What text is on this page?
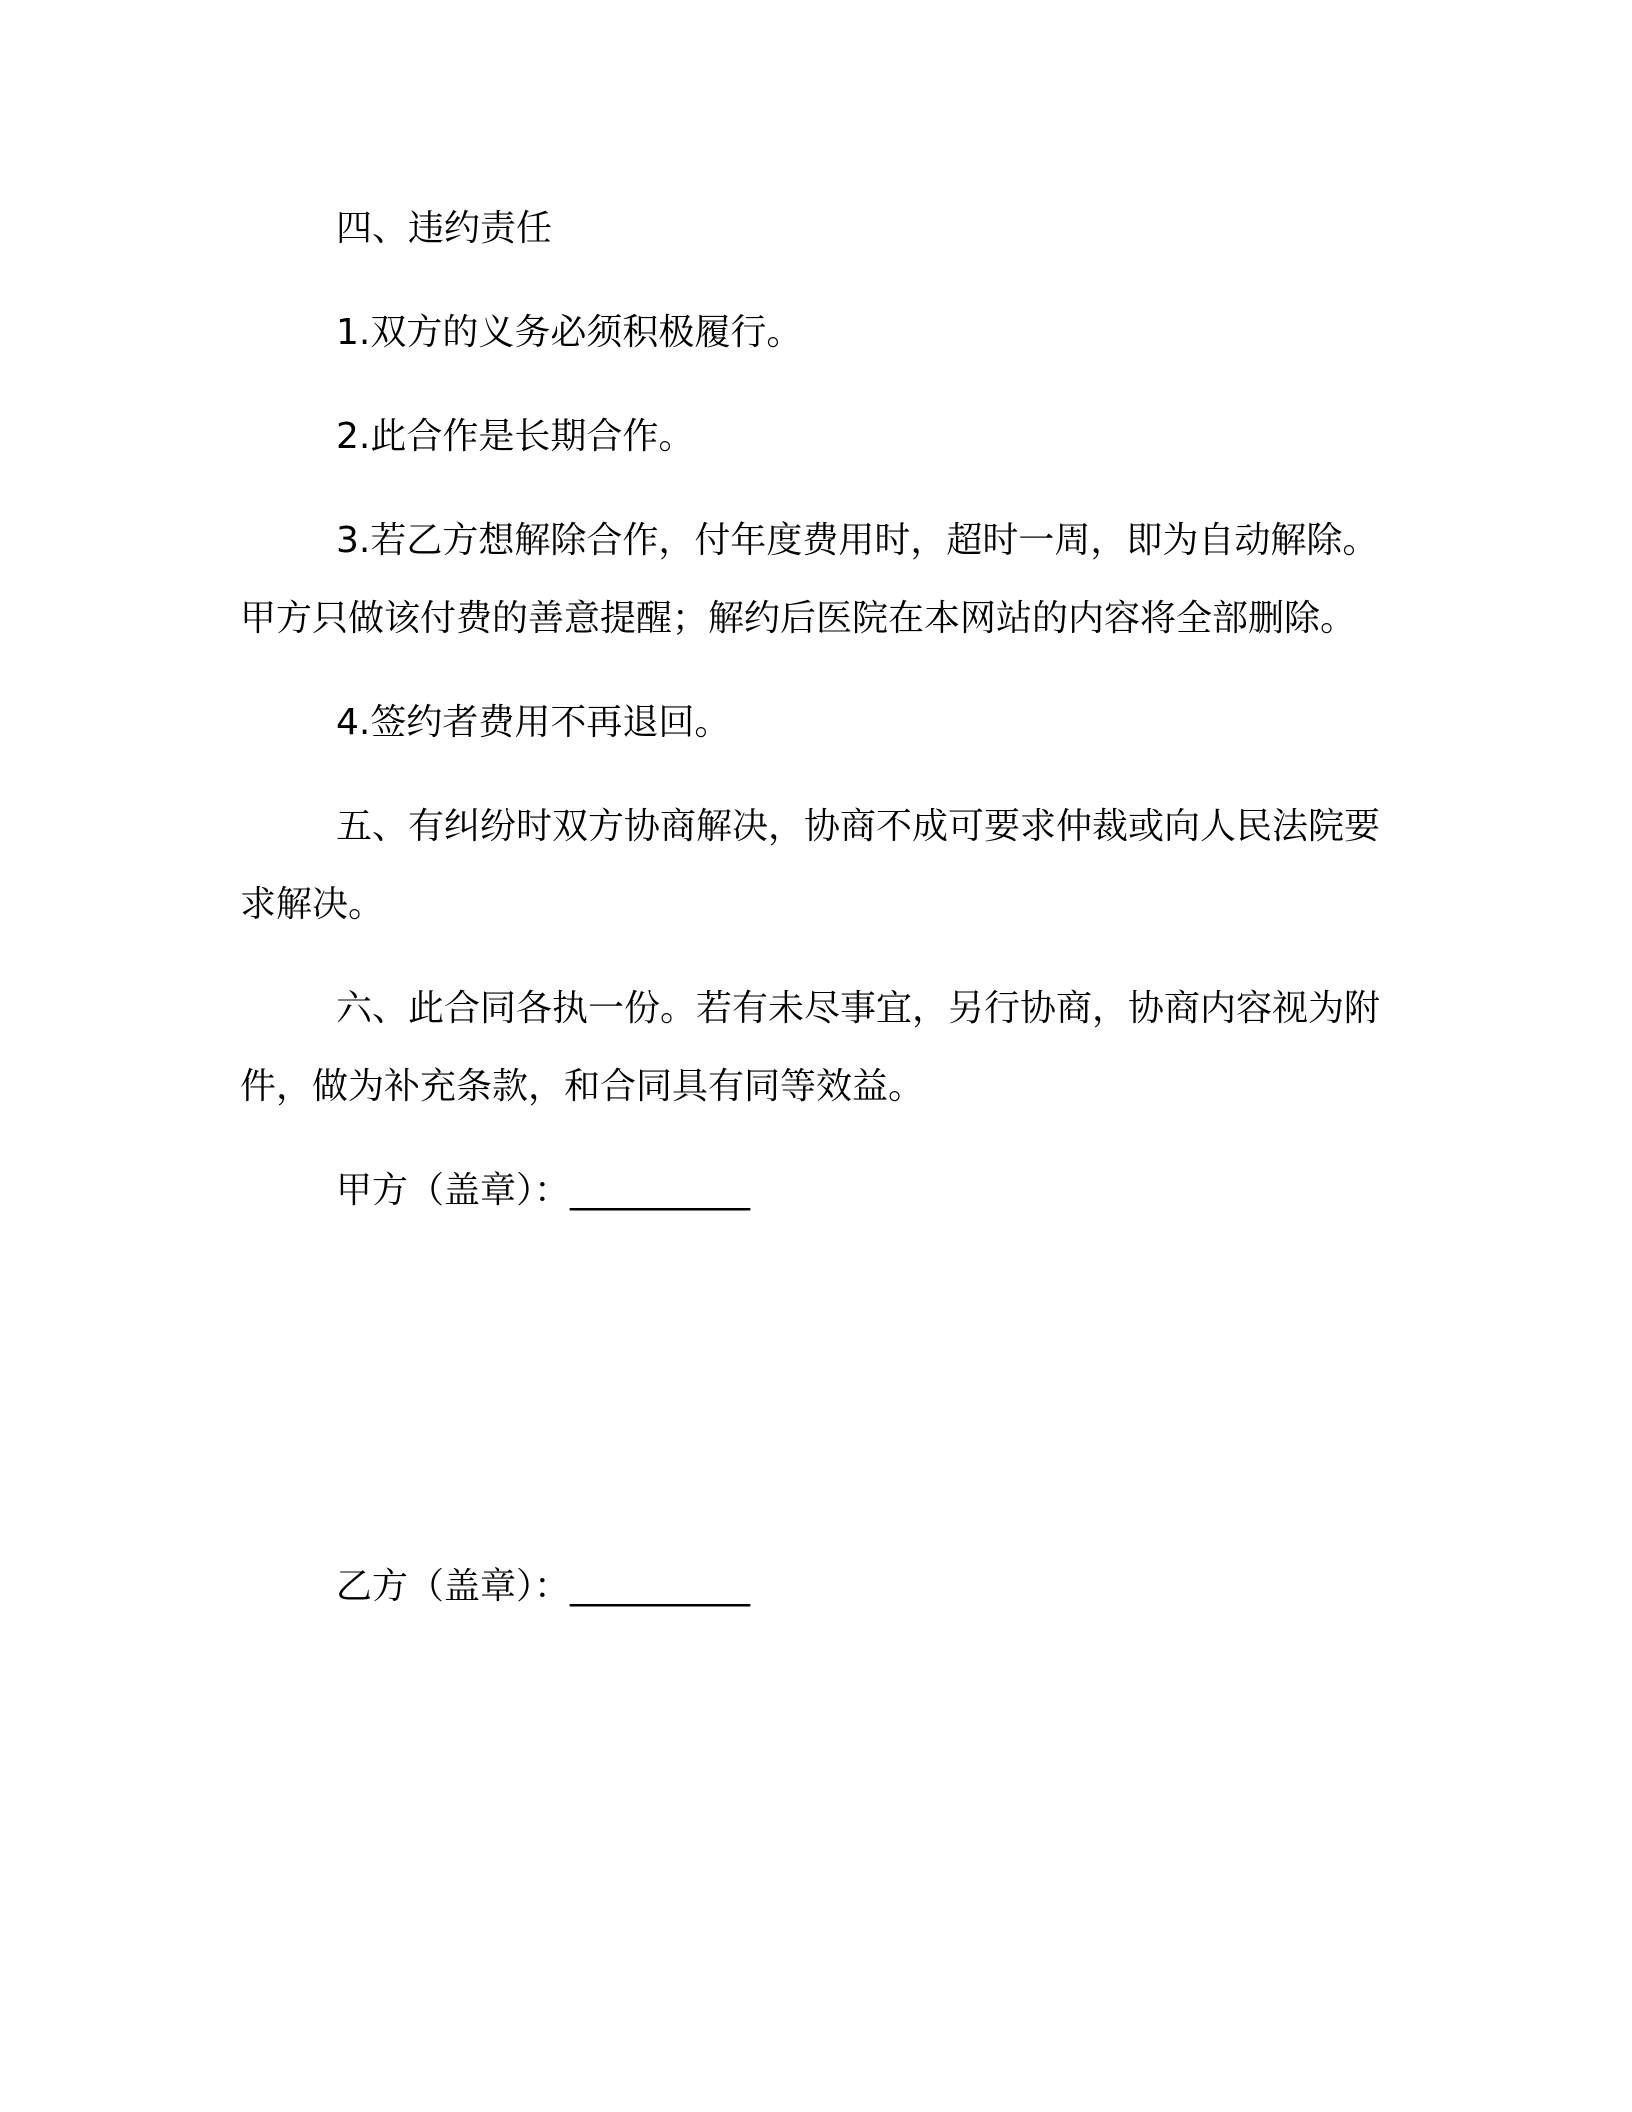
四、违约责任

1.双方的义务必须积极履行。

2.此合作是长期合作。

3.若乙方想解除合作，付年度费用时，超时一周，即为自动解除。甲方只做该付费的善意提醒；解约后医院在本网站的内容将全部删除。

4.签约者费用不再退回。

五、有纠纷时双方协商解决，协商不成可要求仲裁或向人民法院要求解决。

六、此合同各执一份。若有未尽事宜，另行协商，协商内容视为附件，做为补充条款，和合同具有同等效益。

甲方（盖章）：__________

乙方（盖章）：__________
